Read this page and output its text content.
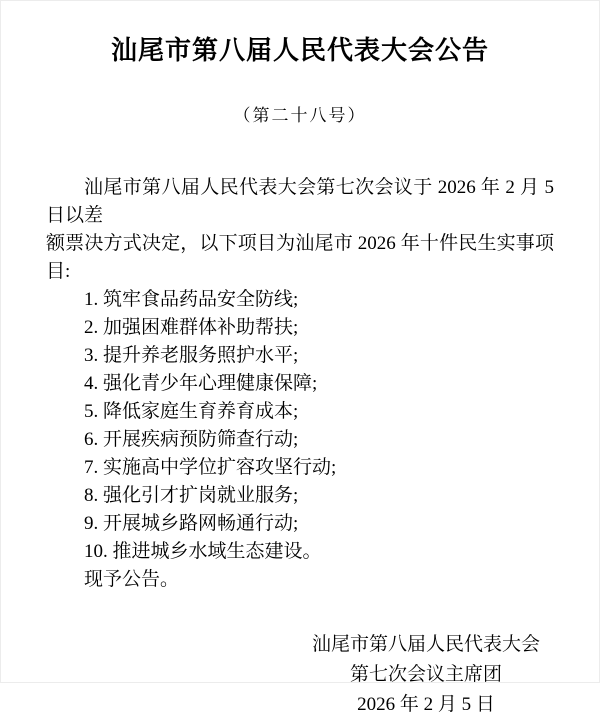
汕尾市第八届人民代表大会公告
（第二十八号）
汕尾市第八届人民代表大会第七次会议于 2026 年 2 月 5 日以差
额票决方式决定，以下项目为汕尾市 2026 年十件民生实事项目:
1. 筑牢食品药品安全防线;
2. 加强困难群体补助帮扶;
3. 提升养老服务照护水平;
4. 强化青少年心理健康保障;
5. 降低家庭生育养育成本;
6. 开展疾病预防筛查行动;
7. 实施高中学位扩容攻坚行动;
8. 强化引才扩岗就业服务;
9. 开展城乡路网畅通行动;
10. 推进城乡水域生态建设。
现予公告。
汕尾市第八届人民代表大会
第七次会议主席团
2026 年 2 月 5 日
